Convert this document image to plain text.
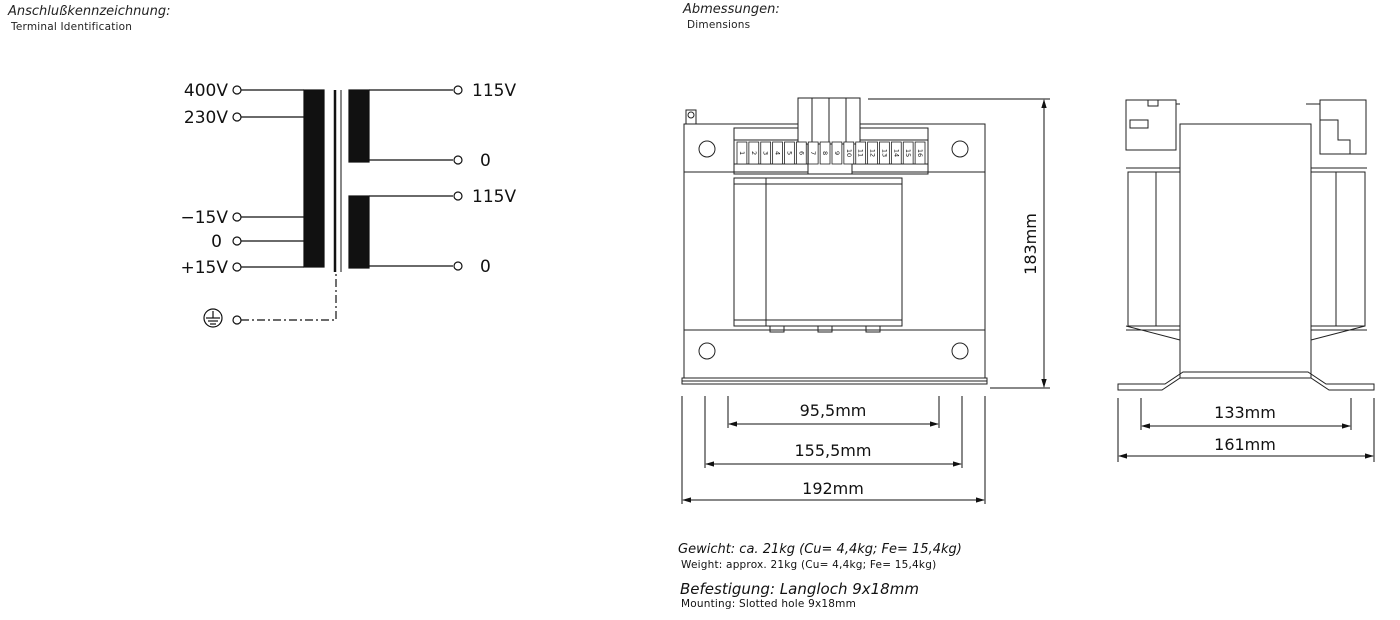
Anschlußkennzeichnung:
Terminal Identification
Abmessungen:
Dimensions
400V
230V
−15V
0
+15V
115V
0
115V
0
1 2 3 4 5 6 7 8 9 10 11 12 13 14 15 16
95,5mm
155,5mm
192mm
183mm
133mm
161mm
Gewicht: ca. 21kg (Cu= 4,4kg; Fe= 15,4kg)
Weight: approx. 21kg (Cu= 4,4kg; Fe= 15,4kg)
Befestigung: Langloch 9x18mm
Mounting: Slotted hole 9x18mm
